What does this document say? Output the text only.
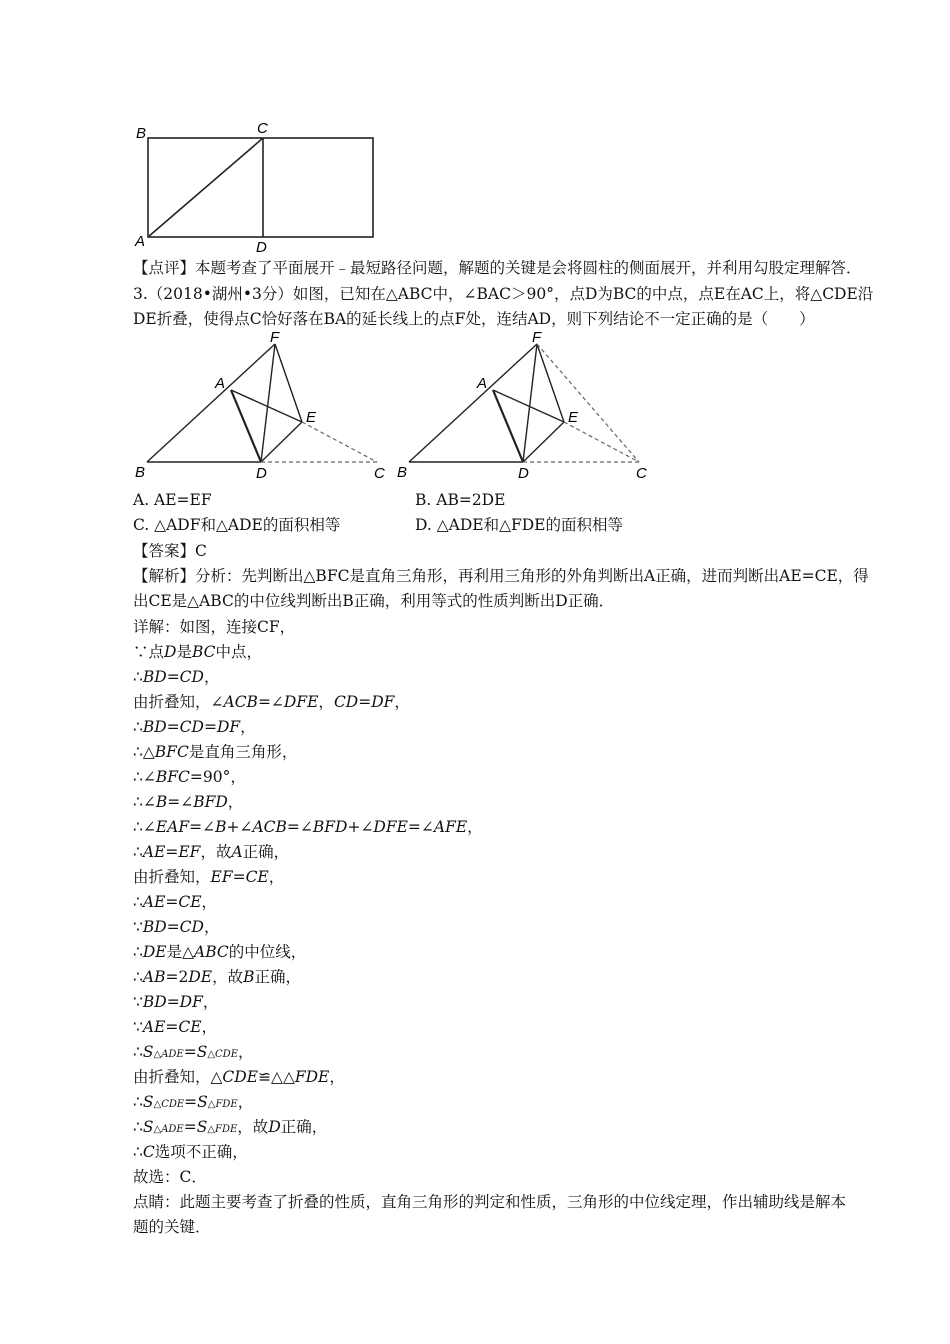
B	C
A	D
【点评】本题考查了平面展开﹣最短路径问题，解题的关键是会将圆柱的侧面展开，并利用勾股定理解答．
3.（2018•湖州•3分）如图，已知在△ABC中，∠BAC＞90°，点D为BC的中点，点E在AC上，将△CDE沿
DE折叠，使得点C恰好落在BA的延长线上的点F处，连结AD，则下列结论不一定正确的是（　　）
F
A
E
B	D	C
F
A
E
B	D	C
A. AE=EF	B. AB=2DE
C. △ADF和△ADE的面积相等	D. △ADE和△FDE的面积相等
【答案】C
【解析】分析：先判断出△BFC是直角三角形，再利用三角形的外角判断出A正确，进而判断出AE=CE，得
出CE是△ABC的中位线判断出B正确，利用等式的性质判断出D正确．
详解：如图，连接CF，
∵点D是BC中点，
∴BD=CD，
由折叠知，∠ACB=∠DFE，CD=DF，
∴BD=CD=DF，
∴△BFC是直角三角形，
∴∠BFC=90°，
∴∠B=∠BFD，
∴∠EAF=∠B+∠ACB=∠BFD+∠DFE=∠AFE，
∴AE=EF，故A正确，
由折叠知，EF=CE，
∴AE=CE，
∵BD=CD，
∴DE是△ABC的中位线，
∴AB=2DE，故B正确，
∵BD=DF，
∵AE=CE，
∴S△ADE=S△CDE，
由折叠知，△CDE≌△△FDE，
∴S△CDE=S△FDE，
∴S△ADE=S△FDE，故D正确，
∴C选项不正确，
故选：C．
点睛：此题主要考查了折叠的性质，直角三角形的判定和性质，三角形的中位线定理，作出辅助线是解本
题的关键．
